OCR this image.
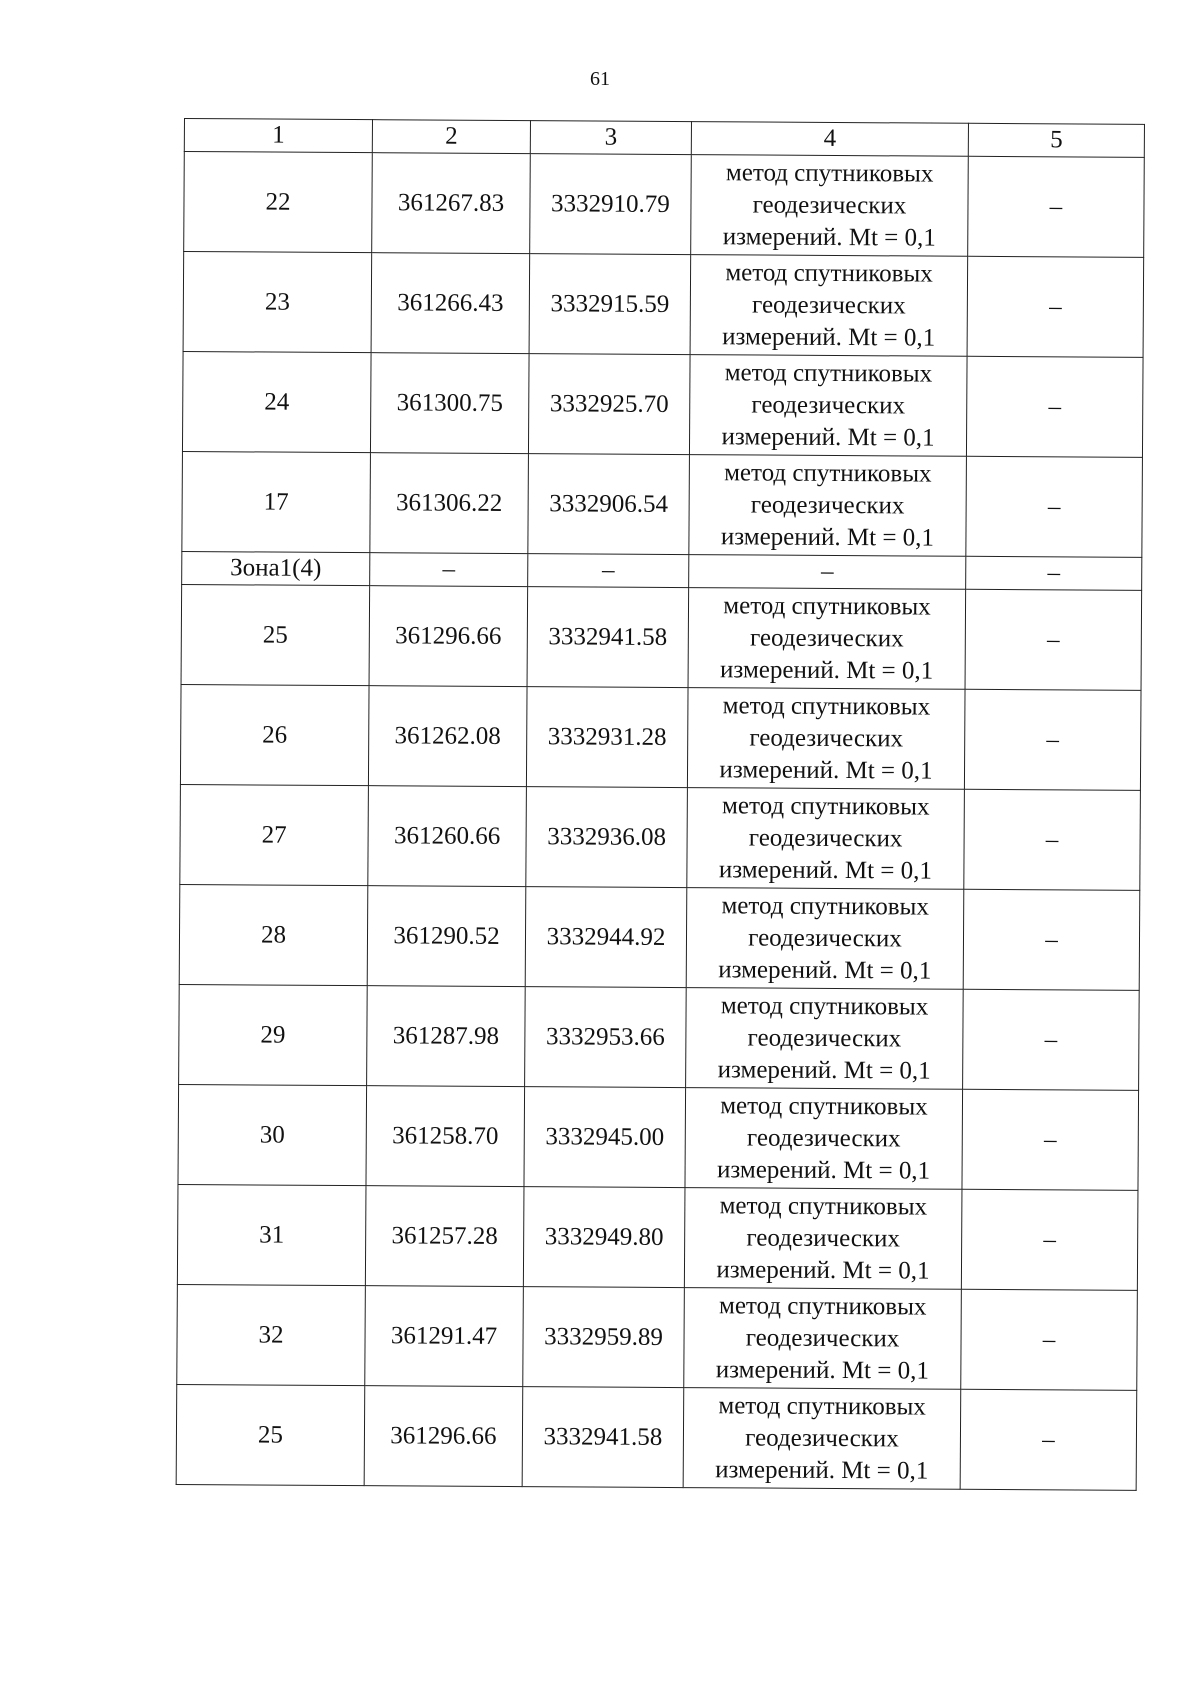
61
1	2	3	4	5
22	361267.83	3332910.79	метод спутниковых
геодезических
измерений. Mt = 0,1	–
23	361266.43	3332915.59	метод спутниковых
геодезических
измерений. Mt = 0,1	–
24	361300.75	3332925.70	метод спутниковых
геодезических
измерений. Mt = 0,1	–
17	361306.22	3332906.54	метод спутниковых
геодезических
измерений. Mt = 0,1	–
Зона1(4)	–	–	–	–
25	361296.66	3332941.58	метод спутниковых
геодезических
измерений. Mt = 0,1	–
26	361262.08	3332931.28	метод спутниковых
геодезических
измерений. Mt = 0,1	–
27	361260.66	3332936.08	метод спутниковых
геодезических
измерений. Mt = 0,1	–
28	361290.52	3332944.92	метод спутниковых
геодезических
измерений. Mt = 0,1	–
29	361287.98	3332953.66	метод спутниковых
геодезических
измерений. Mt = 0,1	–
30	361258.70	3332945.00	метод спутниковых
геодезических
измерений. Mt = 0,1	–
31	361257.28	3332949.80	метод спутниковых
геодезических
измерений. Mt = 0,1	–
32	361291.47	3332959.89	метод спутниковых
геодезических
измерений. Mt = 0,1	–
25	361296.66	3332941.58	метод спутниковых
геодезических
измерений. Mt = 0,1	–
